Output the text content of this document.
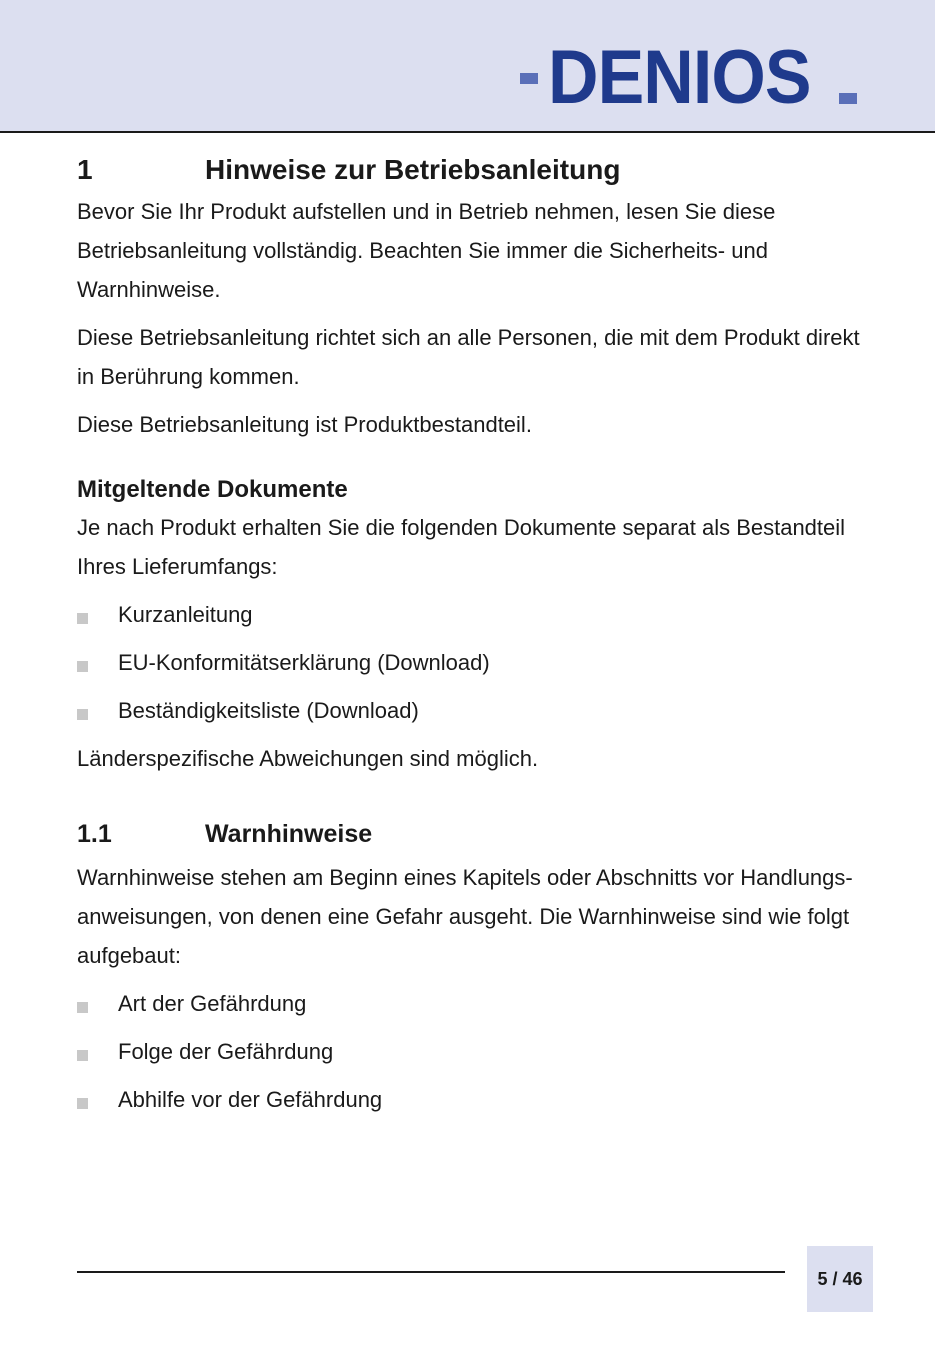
DENIOS
1	Hinweise zur Betriebsanleitung

Bevor Sie Ihr Produkt aufstellen und in Betrieb nehmen, lesen Sie diese Betriebsanleitung vollständig. Beachten Sie immer die Sicherheits- und Warnhinweise.

Diese Betriebsanleitung richtet sich an alle Personen, die mit dem Produkt direkt in Berührung kommen.

Diese Betriebsanleitung ist Produktbestandteil.

Mitgeltende Dokumente

Je nach Produkt erhalten Sie die folgenden Dokumente separat als Bestandteil Ihres Lieferumfangs:

Kurzanleitung
EU-Konformitätserklärung (Download)
Beständigkeitsliste (Download)

Länderspezifische Abweichungen sind möglich.

1.1	Warnhinweise

Warnhinweise stehen am Beginn eines Kapitels oder Abschnitts vor Handlungs-
anweisungen, von denen eine Gefahr ausgeht. Die Warnhinweise sind wie folgt aufgebaut:

Art der Gefährdung
Folge der Gefährdung
Abhilfe vor der Gefährdung
5 / 46
